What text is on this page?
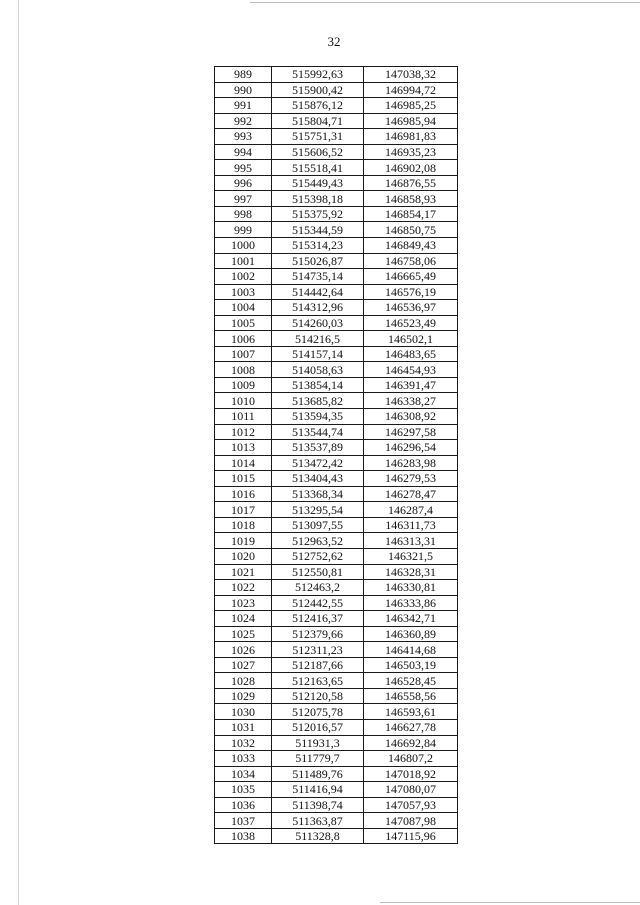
32
989	515992,63	147038,32
990	515900,42	146994,72
991	515876,12	146985,25
992	515804,71	146985,94
993	515751,31	146981,83
994	515606,52	146935,23
995	515518,41	146902,08
996	515449,43	146876,55
997	515398,18	146858,93
998	515375,92	146854,17
999	515344,59	146850,75
1000	515314,23	146849,43
1001	515026,87	146758,06
1002	514735,14	146665,49
1003	514442,64	146576,19
1004	514312,96	146536,97
1005	514260,03	146523,49
1006	514216,5	146502,1
1007	514157,14	146483,65
1008	514058,63	146454,93
1009	513854,14	146391,47
1010	513685,82	146338,27
1011	513594,35	146308,92
1012	513544,74	146297,58
1013	513537,89	146296,54
1014	513472,42	146283,98
1015	513404,43	146279,53
1016	513368,34	146278,47
1017	513295,54	146287,4
1018	513097,55	146311,73
1019	512963,52	146313,31
1020	512752,62	146321,5
1021	512550,81	146328,31
1022	512463,2	146330,81
1023	512442,55	146333,86
1024	512416,37	146342,71
1025	512379,66	146360,89
1026	512311,23	146414,68
1027	512187,66	146503,19
1028	512163,65	146528,45
1029	512120,58	146558,56
1030	512075,78	146593,61
1031	512016,57	146627,78
1032	511931,3	146692,84
1033	511779,7	146807,2
1034	511489,76	147018,92
1035	511416,94	147080,07
1036	511398,74	147057,93
1037	511363,87	147087,98
1038	511328,8	147115,96
